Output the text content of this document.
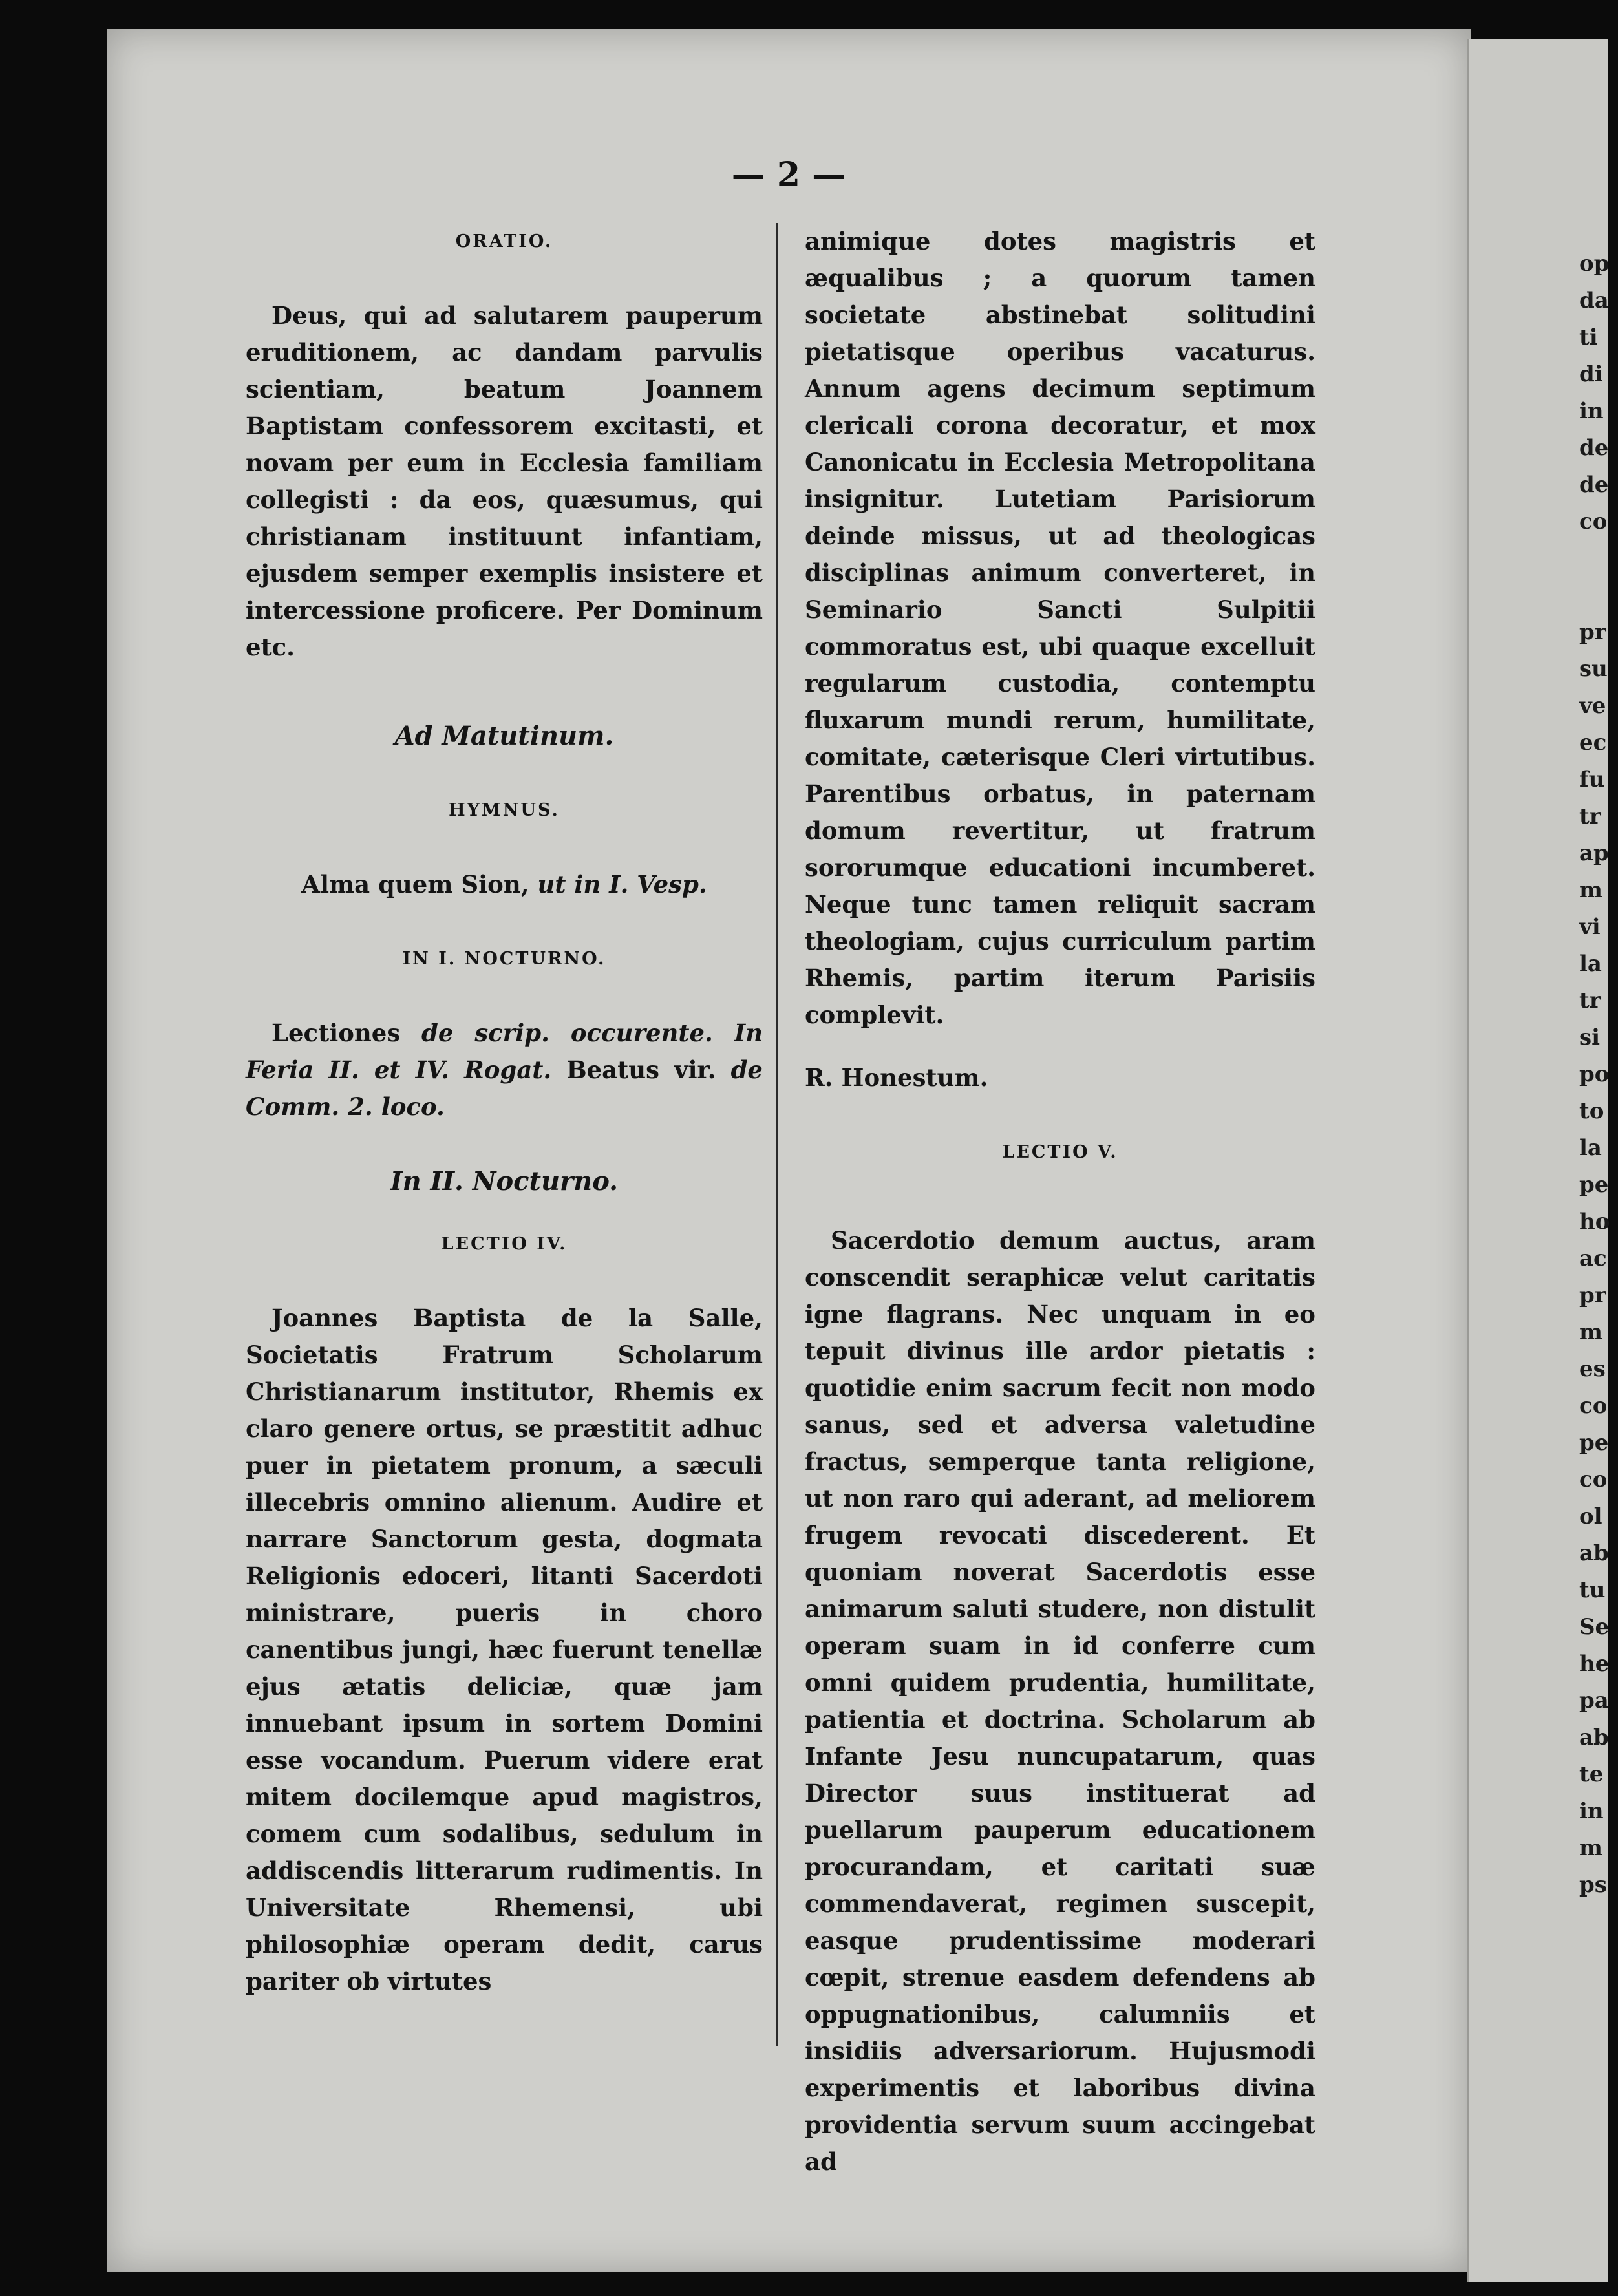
op
da
ti
di
in
de
de
co
pr
su
ve
ec
fu
tr
ap
m
vi
la
tr
si
po
to
la
pe
ho
ac
pr
m
es
co
pe
co
ol
ab
tu
Se
he
pa
ab
te
in
m
ps
— 2 —

ORATIO.

Deus, qui ad salutarem pauperum eruditionem, ac dandam parvulis scientiam, beatum Joannem Baptistam confessorem excitasti, et novam per eum in Ecclesia familiam collegisti : da eos, quæsumus, qui christianam instituunt infantiam, ejusdem semper exemplis insistere et intercessione proficere. Per Dominum etc.

Ad Matutinum.

HYMNUS.

Alma quem Sion, ut in I. Vesp.

IN I. NOCTURNO.

Lectiones de scrip. occurente. In Feria II. et IV. Rogat. Beatus vir. de Comm. 2. loco.

In II. Nocturno.

LECTIO IV.

Joannes Baptista de la Salle, Societatis Fratrum Scholarum Christianarum institutor, Rhemis ex claro genere ortus, se præstitit adhuc puer in pietatem pronum, a sæculi illecebris omnino alienum. Audire et narrare Sanctorum gesta, dogmata Religionis edoceri, litanti Sacerdoti ministrare, pueris in choro canentibus jungi, hæc fuerunt tenellæ ejus ætatis deliciæ, quæ jam innuebant ipsum in sortem Domini esse vocandum. Puerum videre erat mitem docilemque apud magistros, comem cum sodalibus, sedulum in addiscendis litterarum rudimentis. In Universitate Rhemensi, ubi philosophiæ operam dedit, carus pariter ob virtutes

animique dotes magistris et æqualibus ; a quorum tamen societate abstinebat solitudini pietatisque operibus vacaturus. Annum agens decimum septimum clericali corona decoratur, et mox Canonicatu in Ecclesia Metropolitana insignitur. Lutetiam Parisiorum deinde missus, ut ad theologicas disciplinas animum converteret, in Seminario Sancti Sulpitii commoratus est, ubi quaque excelluit regularum custodia, contemptu fluxarum mundi rerum, humilitate, comitate, cæterisque Cleri virtutibus. Parentibus orbatus, in paternam domum revertitur, ut fratrum sororumque educationi incumberet. Neque tunc tamen reliquit sacram theologiam, cujus curriculum partim Rhemis, partim iterum Parisiis complevit.

R. Honestum.

LECTIO V.

Sacerdotio demum auctus, aram conscendit seraphicæ velut caritatis igne flagrans. Nec unquam in eo tepuit divinus ille ardor pietatis : quotidie enim sacrum fecit non modo sanus, sed et adversa valetudine fractus, semperque tanta religione, ut non raro qui aderant, ad meliorem frugem revocati discederent. Et quoniam noverat Sacerdotis esse animarum saluti studere, non distulit operam suam in id conferre cum omni quidem prudentia, humilitate, patientia et doctrina. Scholarum ab Infante Jesu nuncupatarum, quas Director suus instituerat ad puellarum pauperum educationem procurandam, et caritati suæ commendaverat, regimen suscepit, easque prudentissime moderari cœpit, strenue easdem defendens ab oppugnationibus, calumniis et insidiis adversariorum. Hujusmodi experimentis et laboribus divina providentia servum suum accingebat ad
